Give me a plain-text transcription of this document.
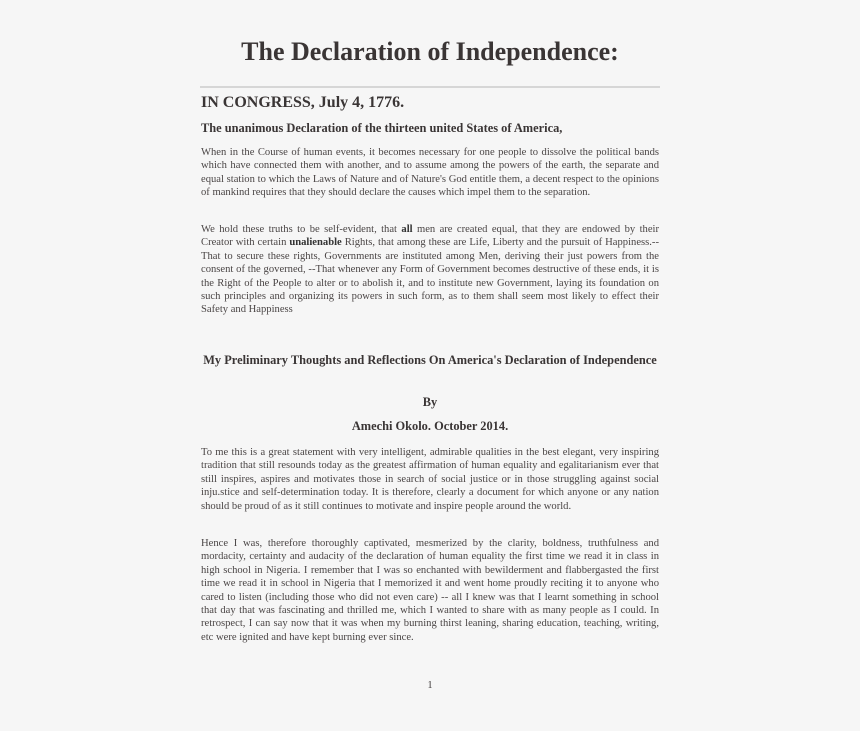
The Declaration of Independence:
IN CONGRESS, July 4, 1776.
The unanimous Declaration of the thirteen united States of America,

When in the Course of human events, it becomes necessary for one people to dissolve the political bands which have connected them with another, and to assume among the powers of the earth, the separate and equal station to which the Laws of Nature and of Nature's God entitle them, a decent respect to the opinions of mankind requires that they should declare the causes which impel them to the separation.

We hold these truths to be self-evident, that all men are created equal, that they are endowed by their Creator with certain unalienable Rights, that among these are Life, Liberty and the pursuit of Happiness.--That to secure these rights, Governments are instituted among Men, deriving their just powers from the consent of the governed, --That whenever any Form of Government becomes destructive of these ends, it is the Right of the People to alter or to abolish it, and to institute new Government, laying its foundation on such principles and organizing its powers in such form, as to them shall seem most likely to effect their Safety and Happiness

My Preliminary Thoughts and Reflections On America's Declaration of Independence
By
Amechi Okolo. October 2014.

To me this is a great statement with very intelligent, admirable qualities in the best elegant, very inspiring tradition that still resounds today as the greatest affirmation of human equality and egalitarianism ever that still inspires, aspires and motivates those in search of social justice or in those struggling against social inju.stice and self-determination today. It is therefore, clearly a document for which anyone or any nation should be proud of as it still continues to motivate and inspire people around the world.

Hence I was, therefore thoroughly captivated, mesmerized by the clarity, boldness, truthfulness and mordacity, certainty and audacity of the declaration of human equality the first time we read it in class in high school in Nigeria. I remember that I was so enchanted with bewilderment and flabbergasted the first time we read it in school in Nigeria that I memorized it and went home proudly reciting it to anyone who cared to listen (including those who did not even care) -- all I knew was that I learnt something in school that day that was fascinating and thrilled me, which I wanted to share with as many people as I could. In retrospect, I can say now that it was when my burning thirst leaning, sharing education, teaching, writing, etc were ignited and have kept burning ever since.

1
